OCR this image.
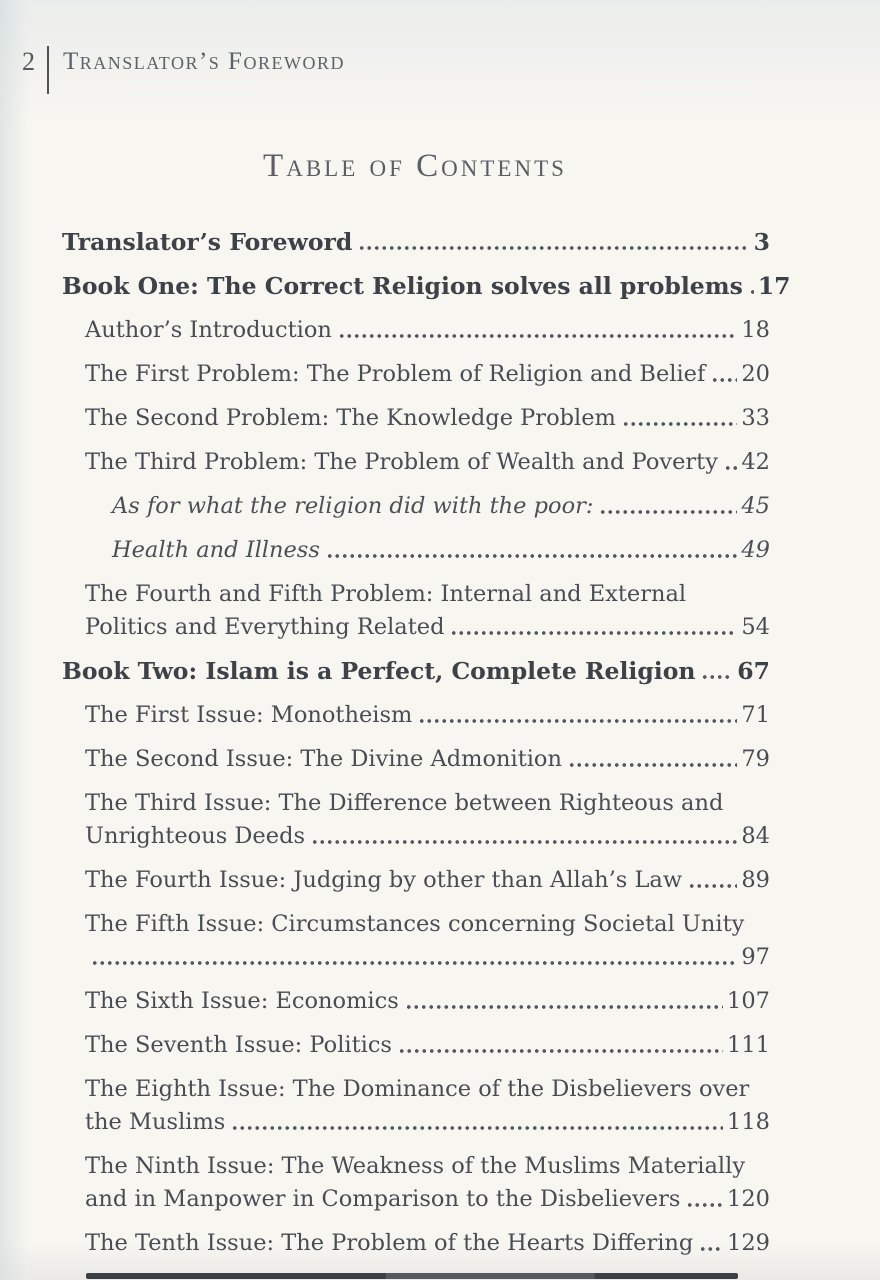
2 Translator’s Foreword
Table of Contents
Translator’s Foreword	3
Book One: The Correct Religion solves all problems 17
Author’s Introduction	18
The First Problem: The Problem of Religion and Belief 20
The Second Problem: The Knowledge Problem	33
The Third Problem: The Problem of Wealth and Poverty 42
As for what the religion did with the poor:	45
Health and Illness	49
The Fourth and Fifth Problem: Internal and External
Politics and Everything Related	54
Book Two: Islam is a Perfect, Complete Religion 67
The First Issue: Monotheism	71
The Second Issue: The Divine Admonition	79
The Third Issue: The Difference between Righteous and
Unrighteous Deeds	84
The Fourth Issue: Judging by other than Allah’s Law	89
The Fifth Issue: Circumstances concerning Societal Unity
97
The Sixth Issue: Economics	107
The Seventh Issue: Politics	111
The Eighth Issue: The Dominance of the Disbelievers over
the Muslims	118
The Ninth Issue: The Weakness of the Muslims Materially
and in Manpower in Comparison to the Disbelievers 120
The Tenth Issue: The Problem of the Hearts Differing 129
